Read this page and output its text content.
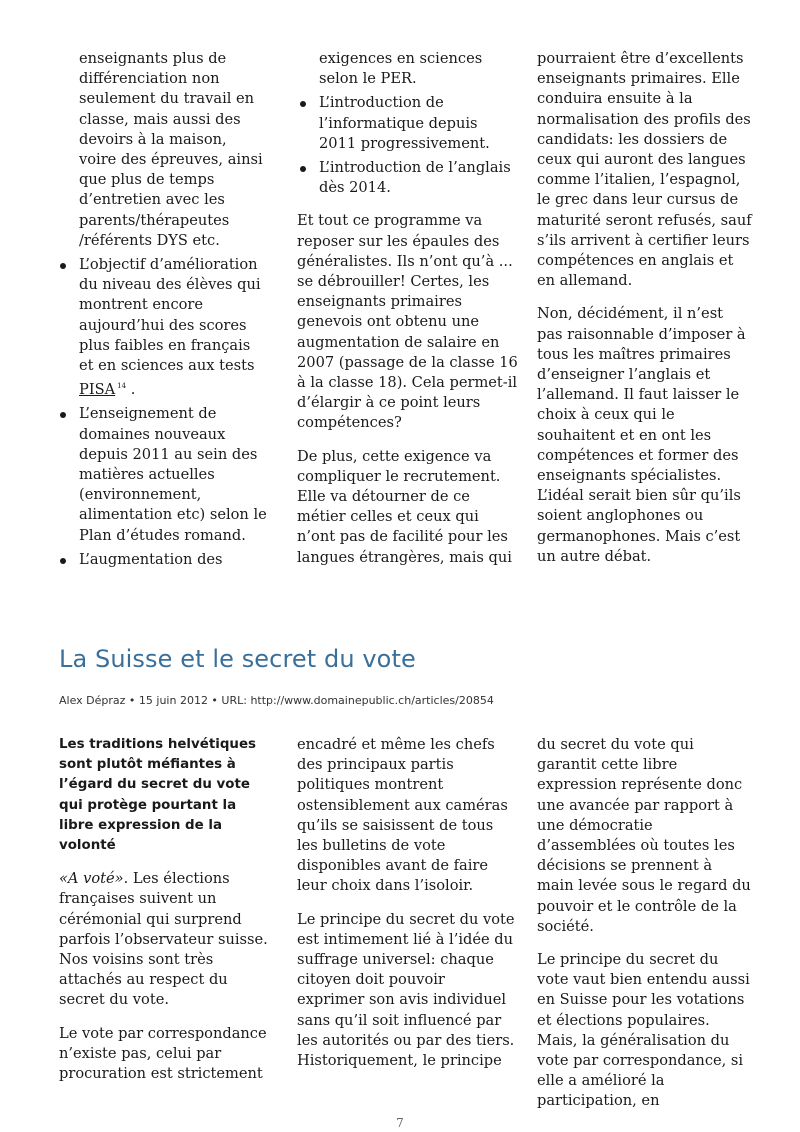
enseignants plus de différenciation non seulement du travail en classe, mais aussi des devoirs à la maison, voire des épreuves, ainsi que plus de temps d’entretien avec les parents/thérapeutes /référents DYS etc.
L’objectif d’amélioration du niveau des élèves qui montrent encore aujourd’hui des scores plus faibles en français et en sciences aux tests PISA $^{14}$ .
L’enseignement de domaines nouveaux depuis 2011 au sein des matières actuelles (environnement, alimentation etc) selon le Plan d’études romand.
L’augmentation des
exigences en sciences selon le PER.
L’introduction de l’informatique depuis 2011 progressivement.
L’introduction de l’anglais dès 2014.

Et tout ce programme va reposer sur les épaules des généralistes. Ils n’ont qu’à ... se débrouiller! Certes, les enseignants primaires genevois ont obtenu une augmentation de salaire en 2007 (passage de la classe 16 à la classe 18). Cela permet-il d’élargir à ce point leurs compétences?

De plus, cette exigence va compliquer le recrutement. Elle va détourner de ce métier celles et ceux qui n’ont pas de facilité pour les langues étrangères, mais qui

pourraient être d’excellents enseignants primaires. Elle conduira ensuite à la normalisation des profils des candidats: les dossiers de ceux qui auront des langues comme l’italien, l’espagnol, le grec dans leur cursus de maturité seront refusés, sauf s’ils arrivent à certifier leurs compétences en anglais et en allemand.

Non, décidément, il n’est pas raisonnable d’imposer à tous les maîtres primaires d’enseigner l’anglais et l’allemand. Il faut laisser le choix à ceux qui le souhaitent et en ont les compétences et former des enseignants spécialistes. L’idéal serait bien sûr qu’ils soient anglophones ou germanophones. Mais c’est un autre débat.

La Suisse et le secret du vote
Alex Dépraz • 15 juin 2012 • URL: http://www.domainepublic.ch/articles/20854

Les traditions helvétiques sont plutôt méfiantes à l’égard du secret du vote qui protège pourtant la libre expression de la volonté

«A voté». Les élections françaises suivent un cérémonial qui surprend parfois l’observateur suisse. Nos voisins sont très attachés au respect du secret du vote.

Le vote par correspondance n’existe pas, celui par procuration est strictement

encadré et même les chefs des principaux partis politiques montrent ostensiblement aux caméras qu’ils se saisissent de tous les bulletins de vote disponibles avant de faire leur choix dans l’isoloir.

Le principe du secret du vote est intimement lié à l’idée du suffrage universel: chaque citoyen doit pouvoir exprimer son avis individuel sans qu’il soit influencé par les autorités ou par des tiers. Historiquement, le principe

du secret du vote qui garantit cette libre expression représente donc une avancée par rapport à une démocratie d’assemblées où toutes les décisions se prennent à main levée sous le regard du pouvoir et le contrôle de la société.

Le principe du secret du vote vaut bien entendu aussi en Suisse pour les votations et élections populaires. Mais, la généralisation du vote par correspondance, si elle a amélioré la participation, en

7
